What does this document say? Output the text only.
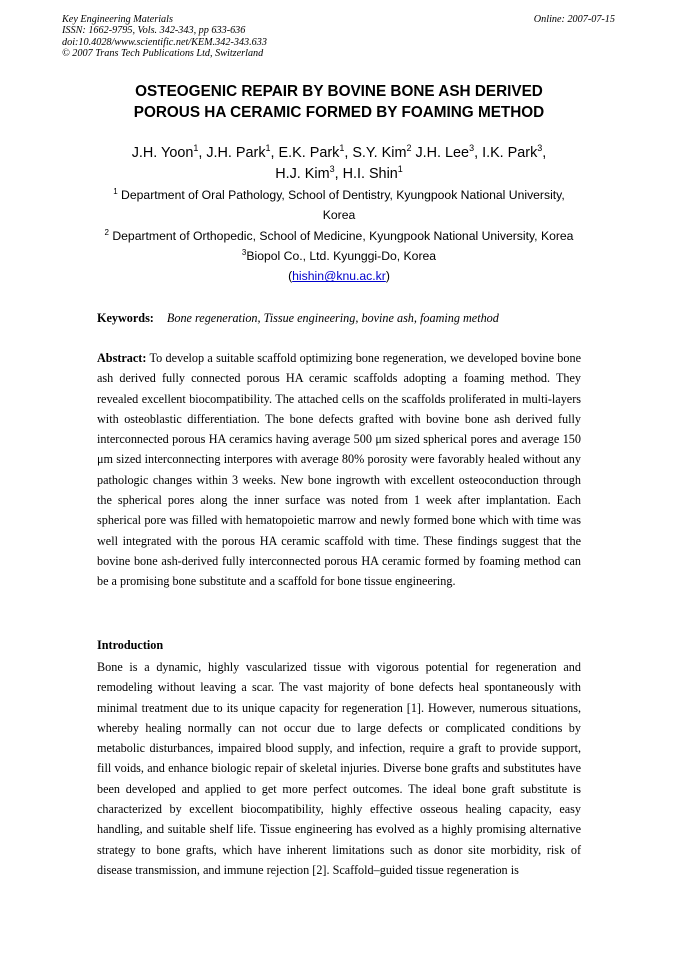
Key Engineering Materials
ISSN: 1662-9795, Vols. 342-343, pp 633-636
doi:10.4028/www.scientific.net/KEM.342-343.633
© 2007 Trans Tech Publications Ltd, Switzerland
Online: 2007-07-15
OSTEOGENIC REPAIR BY BOVINE BONE ASH DERIVED
POROUS HA CERAMIC FORMED BY FOAMING METHOD
J.H. Yoon$^1$, J.H. Park$^1$, E.K. Park$^1$, S.Y. Kim$^2$ J.H. Lee$^3$, I.K. Park$^3$,
H.J. Kim$^3$, H.I. Shin$^1$
$^1$ Department of Oral Pathology, School of Dentistry, Kyungpook National University,
Korea
$^2$ Department of Orthopedic, School of Medicine, Kyungpook National University, Korea
$^3$Biopol Co., Ltd. Kyunggi-Do, Korea
(hishin@knu.ac.kr)
Keywords: Bone regeneration, Tissue engineering, bovine ash, foaming method
Abstract: To develop a suitable scaffold optimizing bone regeneration, we developed bovine bone ash derived fully connected porous HA ceramic scaffolds adopting a foaming method. They revealed excellent biocompatibility. The attached cells on the scaffolds proliferated in multi-layers with osteoblastic differentiation. The bone defects grafted with bovine bone ash derived fully interconnected porous HA ceramics having average 500 μm sized spherical pores and average 150 μm sized interconnecting interpores with average 80% porosity were favorably healed without any pathologic changes within 3 weeks. New bone ingrowth with excellent osteoconduction through the spherical pores along the inner surface was noted from 1 week after implantation. Each spherical pore was filled with hematopoietic marrow and newly formed bone which with time was well integrated with the porous HA ceramic scaffold with time. These findings suggest that the bovine bone ash-derived fully interconnected porous HA ceramic formed by foaming method can be a promising bone substitute and a scaffold for bone tissue engineering.
Introduction
Bone is a dynamic, highly vascularized tissue with vigorous potential for regeneration and remodeling without leaving a scar. The vast majority of bone defects heal spontaneously with minimal treatment due to its unique capacity for regeneration [1]. However, numerous situations, whereby healing normally can not occur due to large defects or complicated conditions by metabolic disturbances, impaired blood supply, and infection, require a graft to provide support, fill voids, and enhance biologic repair of skeletal injuries. Diverse bone grafts and substitutes have been developed and applied to get more perfect outcomes. The ideal bone graft substitute is characterized by excellent biocompatibility, highly effective osseous healing capacity, easy handling, and suitable shelf life. Tissue engineering has evolved as a highly promising alternative strategy to bone grafts, which have inherent limitations such as donor site morbidity, risk of disease transmission, and immune rejection [2]. Scaffold–guided tissue regeneration is
